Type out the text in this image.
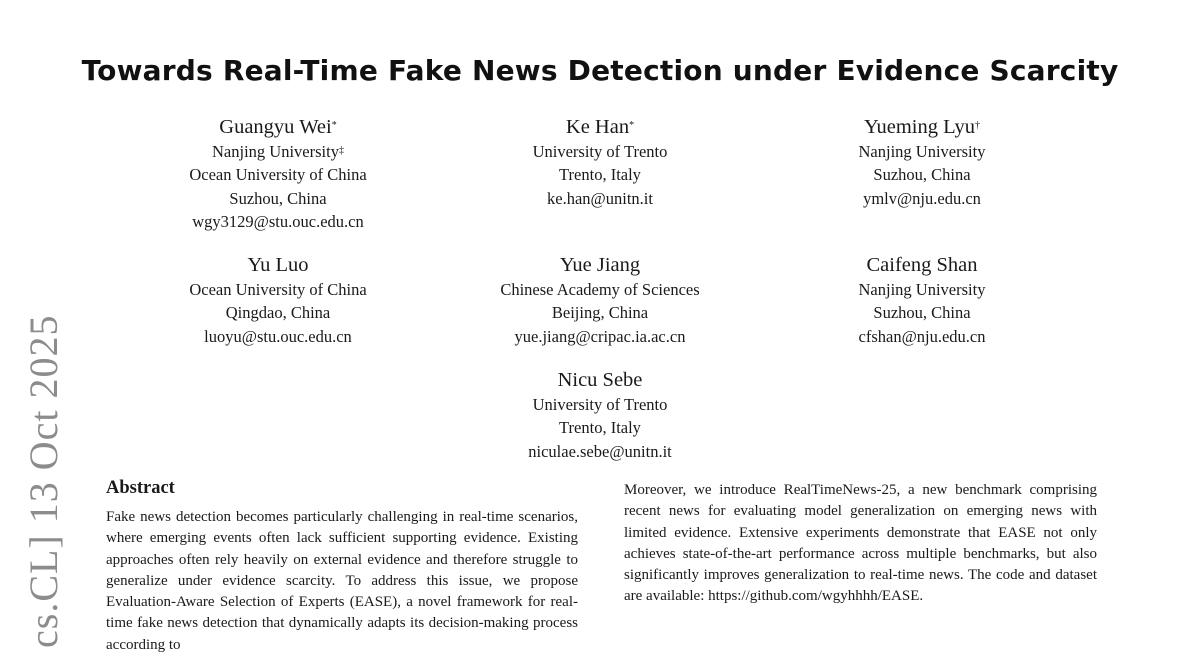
Towards Real-Time Fake News Detection under Evidence Scarcity
Guangyu Wei*
Nanjing University‡
Ocean University of China
Suzhou, China
wgy3129@stu.ouc.edu.cn
Ke Han*
University of Trento
Trento, Italy
ke.han@unitn.it
Yueming Lyu†
Nanjing University
Suzhou, China
ymlv@nju.edu.cn
Yu Luo
Ocean University of China
Qingdao, China
luoyu@stu.ouc.edu.cn
Yue Jiang
Chinese Academy of Sciences
Beijing, China
yue.jiang@cripac.ia.ac.cn
Caifeng Shan
Nanjing University
Suzhou, China
cfshan@nju.edu.cn
Nicu Sebe
University of Trento
Trento, Italy
niculae.sebe@unitn.it
Abstract

Fake news detection becomes particularly challenging in real-time scenarios, where emerging events often lack sufficient supporting evidence. Existing approaches often rely heavily on external evidence and therefore struggle to generalize under evidence scarcity. To address this issue, we propose Evaluation-Aware Selection of Experts (EASE), a novel framework for real-time fake news detection that dynamically adapts its decision-making process according to

Moreover, we introduce RealTimeNews-25, a new benchmark comprising recent news for evaluating model generalization on emerging news with limited evidence. Extensive experiments demonstrate that EASE not only achieves state-of-the-art performance across multiple benchmarks, but also significantly improves generalization to real-time news. The code and dataset are available: https://github.com/wgyhhhh/EASE.

cs.CL] 13 Oct 2025
